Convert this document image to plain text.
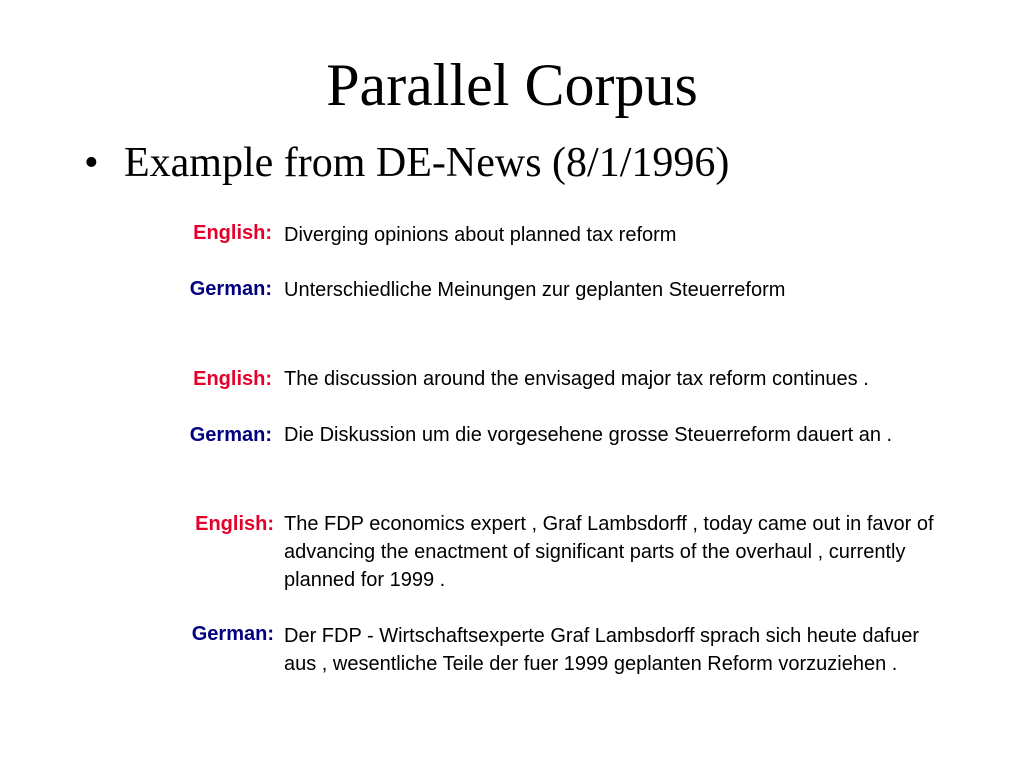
Parallel Corpus
• Example from DE-News (8/1/1996)
English: Diverging opinions about planned tax reform
German: Unterschiedliche Meinungen zur geplanten Steuerreform
English: The discussion around the envisaged major tax reform continues .
German: Die Diskussion um die vorgesehene grosse Steuerreform dauert an .
English: The FDP economics expert , Graf Lambsdorff , today came out in favor of advancing the enactment of significant parts of the overhaul , currently planned for 1999 .
German: Der FDP - Wirtschaftsexperte Graf Lambsdorff sprach sich heute dafuer aus , wesentliche Teile der fuer 1999 geplanten Reform vorzuziehen .
